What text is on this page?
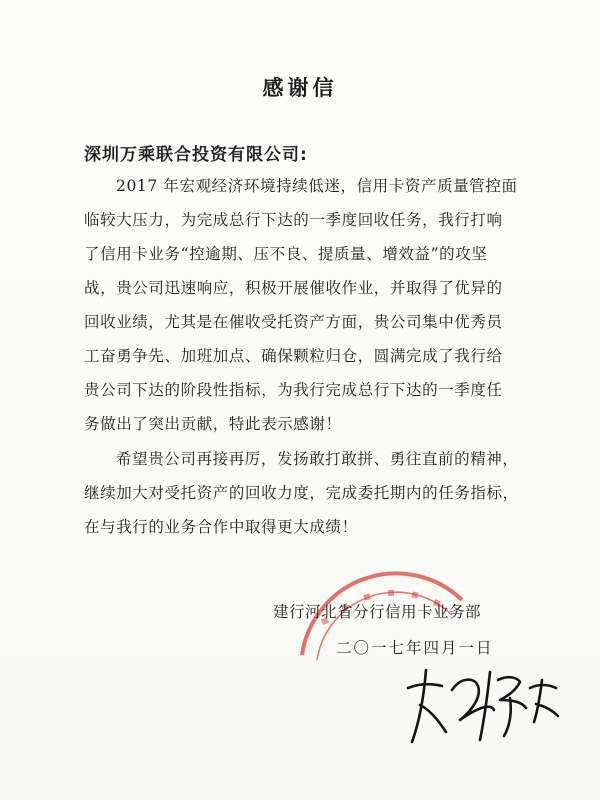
感谢信
深圳万乘联合投资有限公司:
2017 年宏观经济环境持续低迷，信用卡资产质量管控面
临较大压力，为完成总行下达的一季度回收任务，我行打响
了信用卡业务“控逾期、压不良、提质量、增效益”的攻坚
战，贵公司迅速响应，积极开展催收作业，并取得了优异的
回收业绩，尤其是在催收受托资产方面，贵公司集中优秀员
工奋勇争先、加班加点、确保颗粒归仓，圆满完成了我行给
贵公司下达的阶段性指标，为我行完成总行下达的一季度任
务做出了突出贡献，特此表示感谢！
希望贵公司再接再厉，发扬敢打敢拼、勇往直前的精神，
继续加大对受托资产的回收力度，完成委托期内的任务指标，
在与我行的业务合作中取得更大成绩！
建行河北省分行信用卡业务部
二〇一七年四月一日
